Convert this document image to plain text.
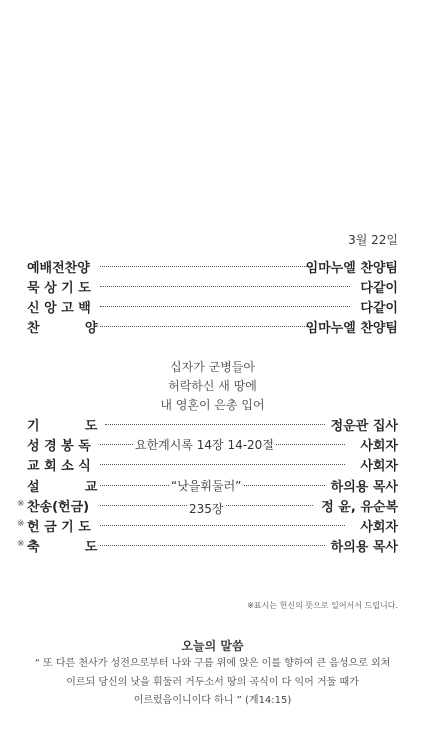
3월 22일
예배전찬양	임마누엘 찬양팀
묵 상 기 도	다같이
신 앙 고 백	다같이
찬          양	임마누엘 찬양팀
십자가 군병들아
허락하신 새 땅에
내 영혼이 은총 입어
기          도	정운관 집사
성 경 봉 독	요한계시록 14장 14-20절	사회자
교 회 소 식	사회자
설          교	“낫을휘둘러”	하의용 목사
※ 찬송(헌금)	235장	정 윤, 유순복
※ 헌 금 기 도	사회자
※ 축          도	하의용 목사
※표시는 헌신의 뜻으로 일어서서 드립니다.
오늘의 말씀
“ 또 다른 천사가 성전으로부터 나와 구름 위에 앉은 이를 향하여 큰 음성으로 외쳐
이르되 당신의 낫을 휘둘러 거두소서 땅의 곡식이 다 익어 거둘 때가
이르렀음이니이다 하니 ” (계14:15)
